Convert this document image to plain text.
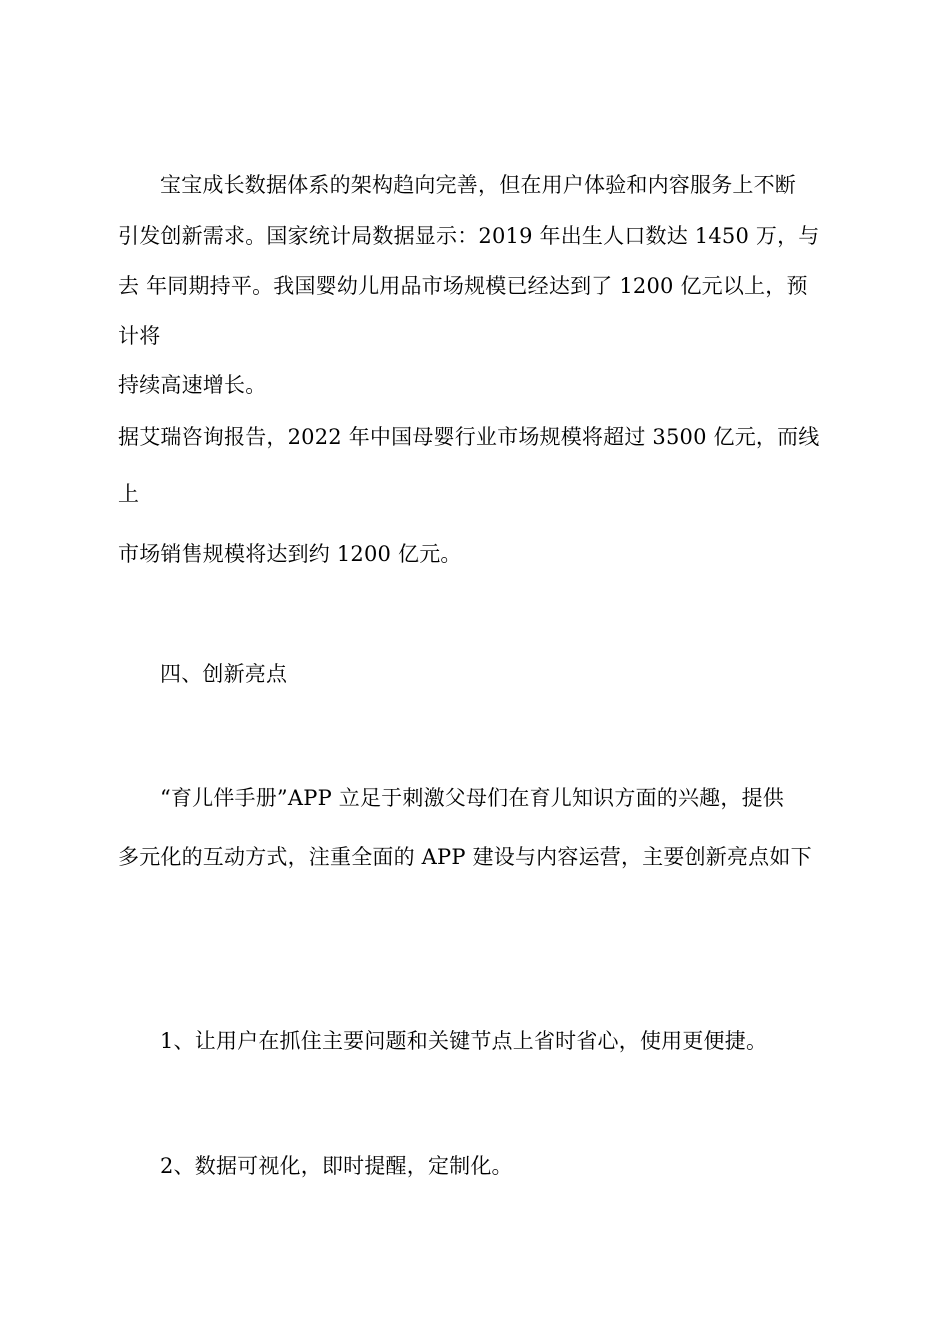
宝宝成长数据体系的架构趋向完善，但在用户体验和内容服务上不断
引发创新需求。国家统计局数据显示：2019 年出生人口数达 1450 万，与
去 年同期持平。我国婴幼儿用品市场规模已经达到了 1200 亿元以上，预
计将
持续高速增长。
据艾瑞咨询报告，2022 年中国母婴行业市场规模将超过 3500 亿元，而线
上
市场销售规模将达到约 1200 亿元。
四、创新亮点
“育儿伴手册”APP 立足于刺激父母们在育儿知识方面的兴趣，提供
多元化的互动方式，注重全面的 APP 建设与内容运营，主要创新亮点如下
1、让用户在抓住主要问题和关键节点上省时省心，使用更便捷。
2、数据可视化，即时提醒，定制化。
